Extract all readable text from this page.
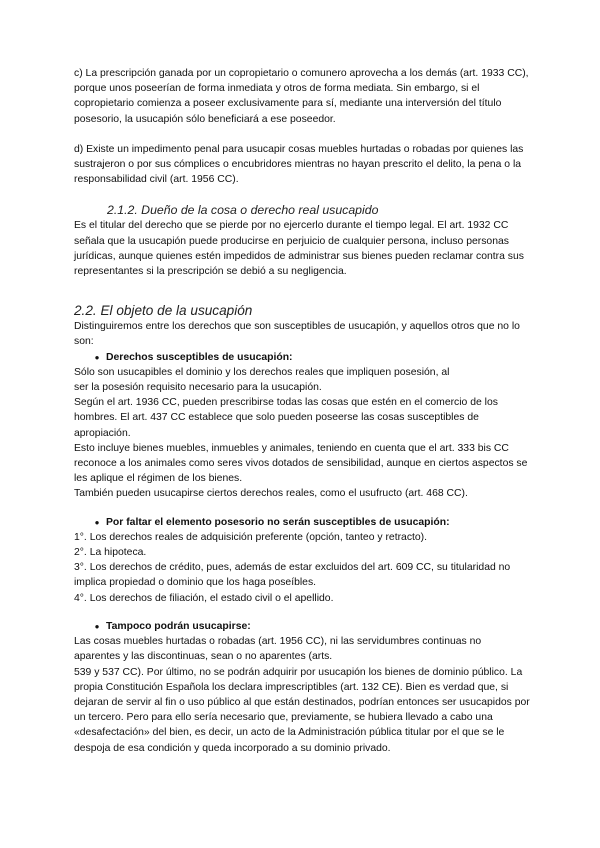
c) La prescripción ganada por un copropietario o comunero aprovecha a los demás (art. 1933 CC), porque unos poseerían de forma inmediata y otros de forma mediata. Sin embargo, si el copropietario comienza a poseer exclusivamente para sí, mediante una interversión del título posesorio, la usucapión sólo beneficiará a ese poseedor.

d) Existe un impedimento penal para usucapir cosas muebles hurtadas o robadas por quienes las sustrajeron o por sus cómplices o encubridores mientras no hayan prescrito el delito, la pena o la responsabilidad civil (art. 1956 CC).

2.1.2. Dueño de la cosa o derecho real usucapido

Es el titular del derecho que se pierde por no ejercerlo durante el tiempo legal. El art. 1932 CC señala que la usucapión puede producirse en perjuicio de cualquier persona, incluso personas jurídicas, aunque quienes estén impedidos de administrar sus bienes pueden reclamar contra sus representantes si la prescripción se debió a su negligencia.

2.2. El objeto de la usucapión

Distinguiremos entre los derechos que son susceptibles de usucapión, y aquellos otros que no lo son:

● Derechos susceptibles de usucapión:

Sólo son usucapibles el dominio y los derechos reales que impliquen posesión, al

ser la posesión requisito necesario para la usucapión.

Según el art. 1936 CC, pueden prescribirse todas las cosas que estén en el comercio de los hombres. El art. 437 CC establece que solo pueden poseerse las cosas susceptibles de apropiación.

Esto incluye bienes muebles, inmuebles y animales, teniendo en cuenta que el art. 333 bis CC reconoce a los animales como seres vivos dotados de sensibilidad, aunque en ciertos aspectos se les aplique el régimen de los bienes.

También pueden usucapirse ciertos derechos reales, como el usufructo (art. 468 CC).

● Por faltar el elemento posesorio no serán susceptibles de usucapión:

1°. Los derechos reales de adquisición preferente (opción, tanteo y retracto).

2°. La hipoteca.

3°. Los derechos de crédito, pues, además de estar excluidos del art. 609 CC, su titularidad no implica propiedad o dominio que los haga poseíbles.

4°. Los derechos de filiación, el estado civil o el apellido.

● Tampoco podrán usucapirse:

Las cosas muebles hurtadas o robadas (art. 1956 CC), ni las servidumbres continuas no aparentes y las discontinuas, sean o no aparentes (arts.

539 y 537 CC). Por último, no se podrán adquirir por usucapión los bienes de dominio público. La propia Constitución Española los declara imprescriptibles (art. 132 CE). Bien es verdad que, si dejaran de servir al fin o uso público al que están destinados, podrían entonces ser usucapidos por un tercero. Pero para ello sería necesario que, previamente, se hubiera llevado a cabo una «desafectación» del bien, es decir, un acto de la Administración pública titular por el que se le despoja de esa condición y queda incorporado a su dominio privado.
